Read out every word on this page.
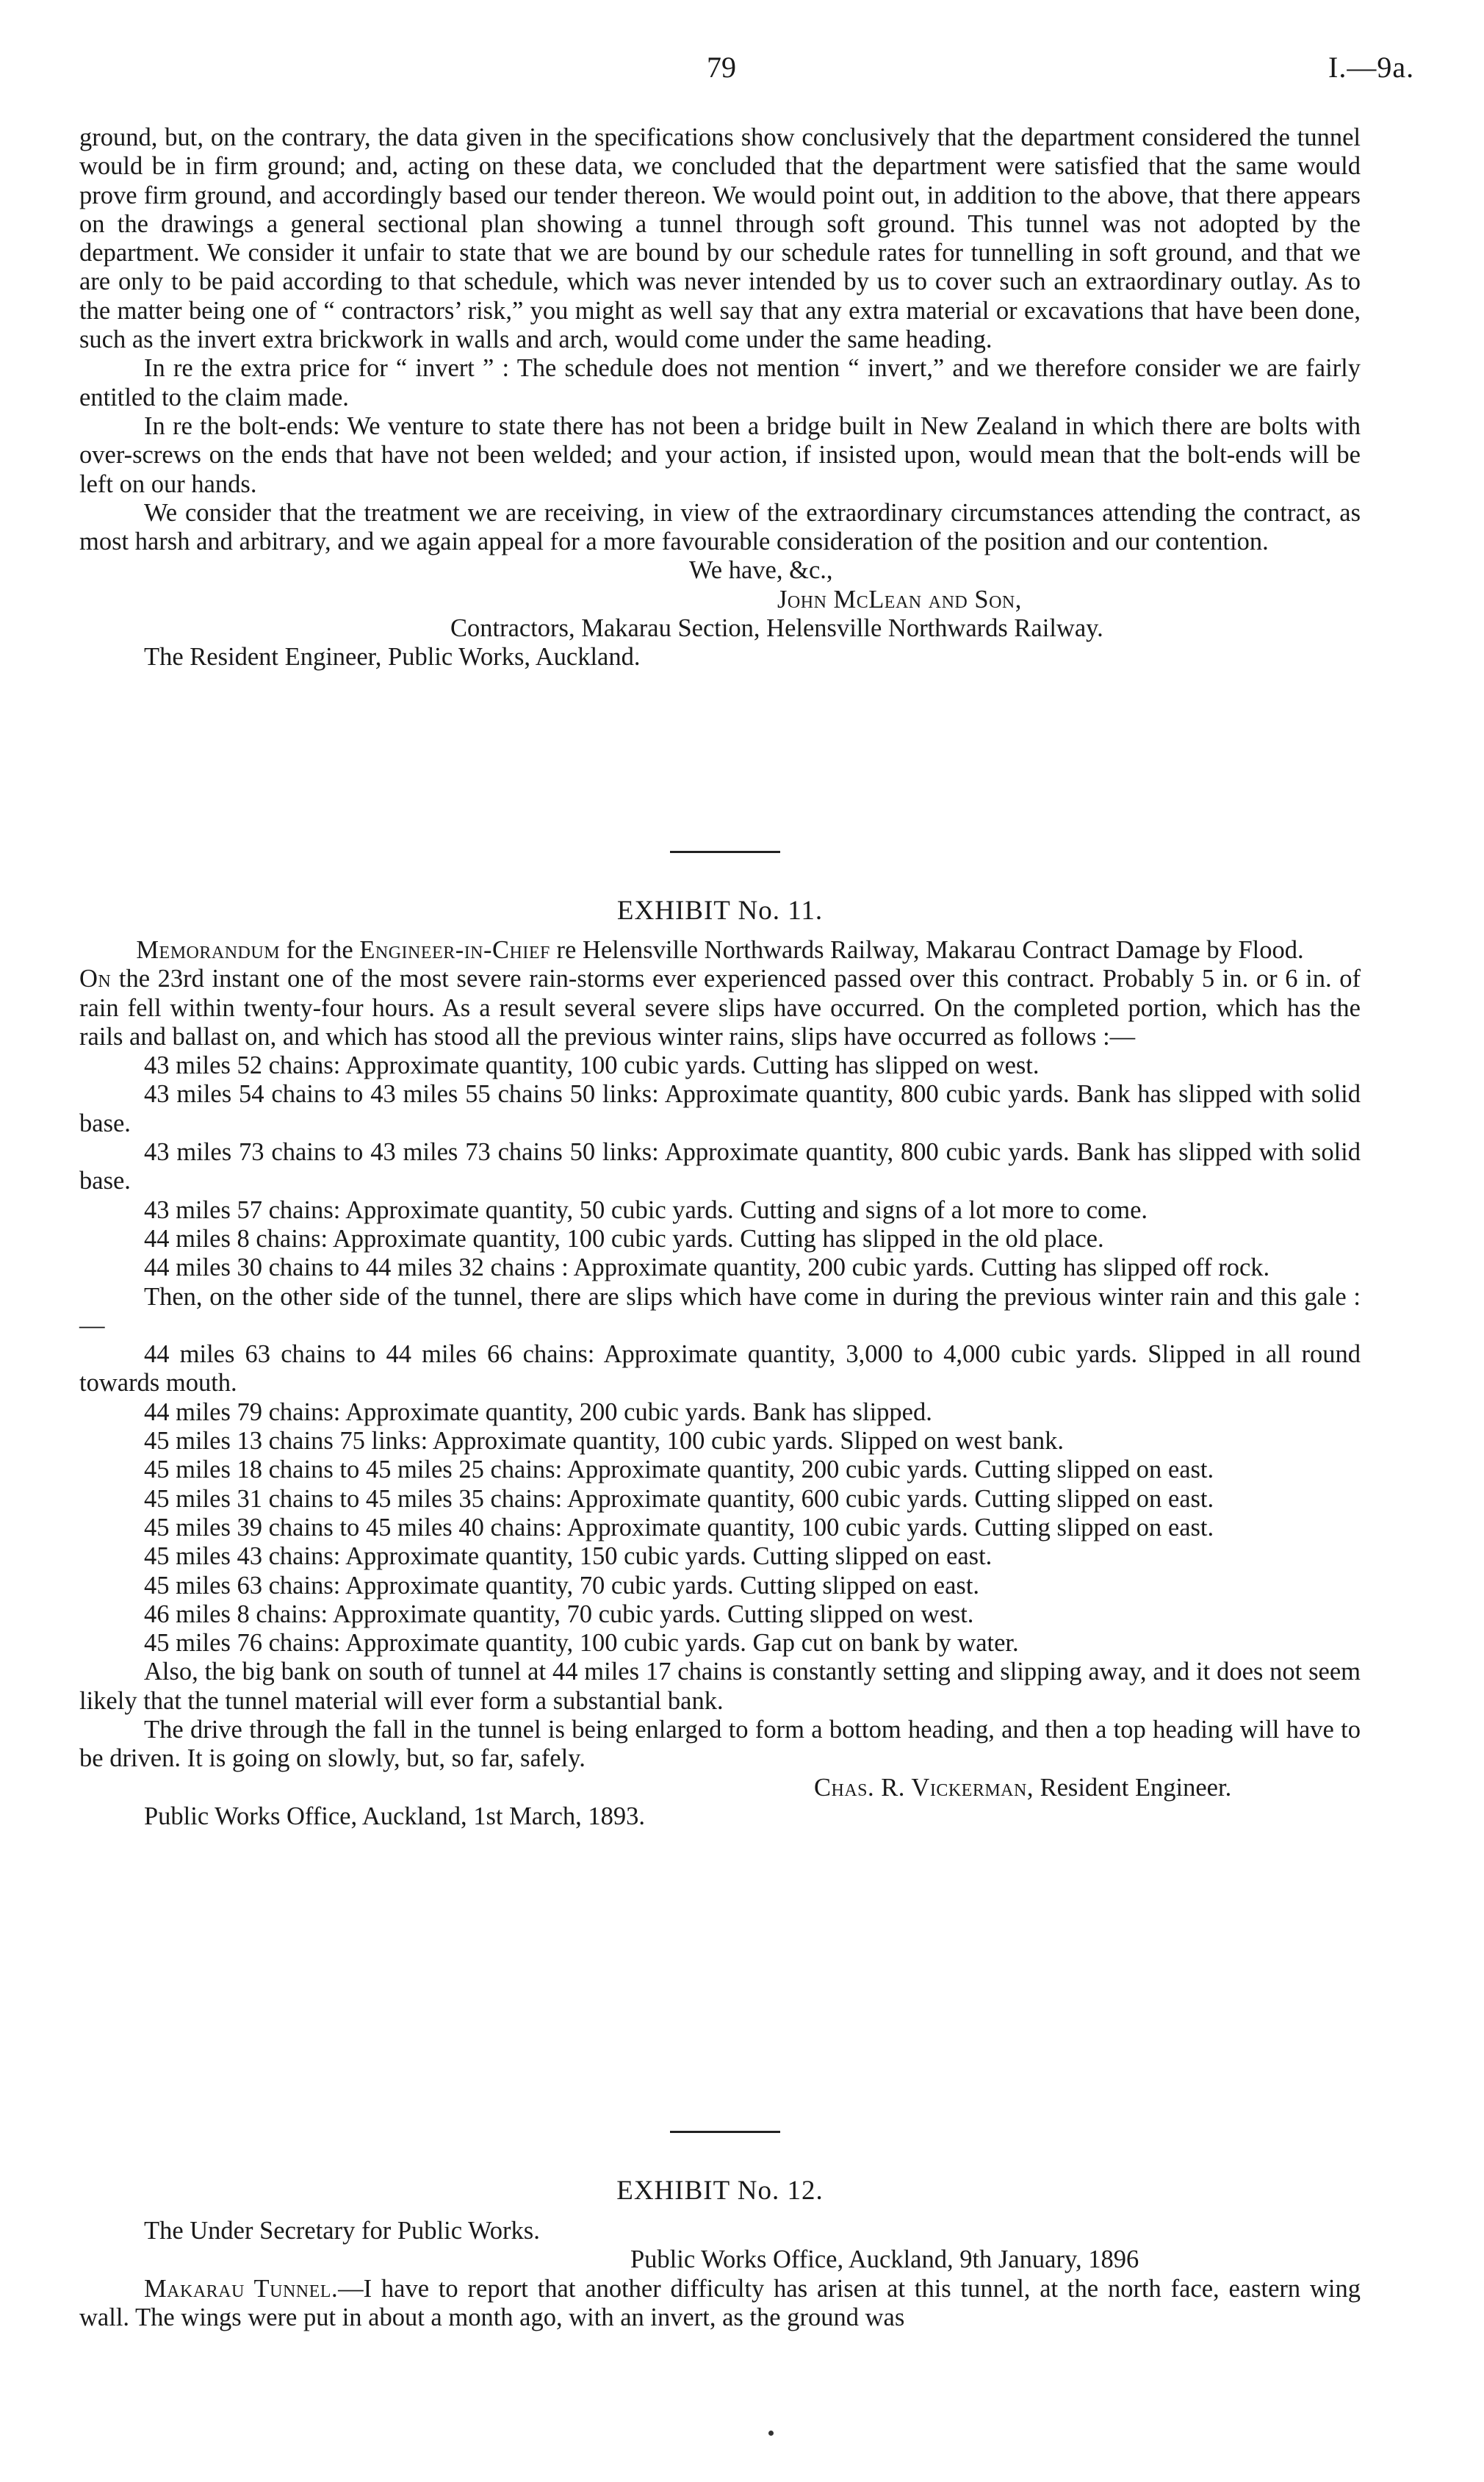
79	I.—9a.

ground, but, on the contrary, the data given in the specifications show conclusively that the department considered the tunnel would be in firm ground; and, acting on these data, we concluded that the department were satisfied that the same would prove firm ground, and accordingly based our tender thereon. We would point out, in addition to the above, that there appears on the drawings a general sectional plan showing a tunnel through soft ground. This tunnel was not adopted by the department. We consider it unfair to state that we are bound by our schedule rates for tunnelling in soft ground, and that we are only to be paid according to that schedule, which was never intended by us to cover such an extraordinary outlay. As to the matter being one of “ contractors’ risk,” you might as well say that any extra material or excavations that have been done, such as the invert extra brickwork in walls and arch, would come under the same heading.

In re the extra price for “ invert ” : The schedule does not mention “ invert,” and we therefore consider we are fairly entitled to the claim made.

In re the bolt-ends: We venture to state there has not been a bridge built in New Zealand in which there are bolts with over-screws on the ends that have not been welded; and your action, if insisted upon, would mean that the bolt-ends will be left on our hands.

We consider that the treatment we are receiving, in view of the extraordinary circumstances attending the contract, as most harsh and arbitrary, and we again appeal for a more favourable consideration of the position and our contention.

We have, &c.,

John McLean and Son,

Contractors, Makarau Section, Helensville Northwards Railway.

The Resident Engineer, Public Works, Auckland.

EXHIBIT No. 11.

Memorandum for the Engineer-in-Chief re Helensville Northwards Railway, Makarau Contract Damage by Flood.

On the 23rd instant one of the most severe rain-storms ever experienced passed over this contract. Probably 5 in. or 6 in. of rain fell within twenty-four hours. As a result several severe slips have occurred. On the completed portion, which has the rails and ballast on, and which has stood all the previous winter rains, slips have occurred as follows :—

43 miles 52 chains: Approximate quantity, 100 cubic yards. Cutting has slipped on west.

43 miles 54 chains to 43 miles 55 chains 50 links: Approximate quantity, 800 cubic yards. Bank has slipped with solid base.

43 miles 73 chains to 43 miles 73 chains 50 links: Approximate quantity, 800 cubic yards. Bank has slipped with solid base.

43 miles 57 chains: Approximate quantity, 50 cubic yards. Cutting and signs of a lot more to come.

44 miles 8 chains: Approximate quantity, 100 cubic yards. Cutting has slipped in the old place.

44 miles 30 chains to 44 miles 32 chains : Approximate quantity, 200 cubic yards. Cutting has slipped off rock.

Then, on the other side of the tunnel, there are slips which have come in during the previous winter rain and this gale :—

44 miles 63 chains to 44 miles 66 chains: Approximate quantity, 3,000 to 4,000 cubic yards. Slipped in all round towards mouth.

44 miles 79 chains: Approximate quantity, 200 cubic yards. Bank has slipped.

45 miles 13 chains 75 links: Approximate quantity, 100 cubic yards. Slipped on west bank.

45 miles 18 chains to 45 miles 25 chains: Approximate quantity, 200 cubic yards. Cutting slipped on east.

45 miles 31 chains to 45 miles 35 chains: Approximate quantity, 600 cubic yards. Cutting slipped on east.

45 miles 39 chains to 45 miles 40 chains: Approximate quantity, 100 cubic yards. Cutting slipped on east.

45 miles 43 chains: Approximate quantity, 150 cubic yards. Cutting slipped on east.

45 miles 63 chains: Approximate quantity, 70 cubic yards. Cutting slipped on east.

46 miles 8 chains: Approximate quantity, 70 cubic yards. Cutting slipped on west.

45 miles 76 chains: Approximate quantity, 100 cubic yards. Gap cut on bank by water.

Also, the big bank on south of tunnel at 44 miles 17 chains is constantly setting and slipping away, and it does not seem likely that the tunnel material will ever form a substantial bank.

The drive through the fall in the tunnel is being enlarged to form a bottom heading, and then a top heading will have to be driven. It is going on slowly, but, so far, safely.

Chas. R. Vickerman, Resident Engineer.

Public Works Office, Auckland, 1st March, 1893.

EXHIBIT No. 12.

The Under Secretary for Public Works.

Public Works Office, Auckland, 9th January, 1896

Makarau Tunnel.—I have to report that another difficulty has arisen at this tunnel, at the north face, eastern wing wall. The wings were put in about a month ago, with an invert, as the ground was
